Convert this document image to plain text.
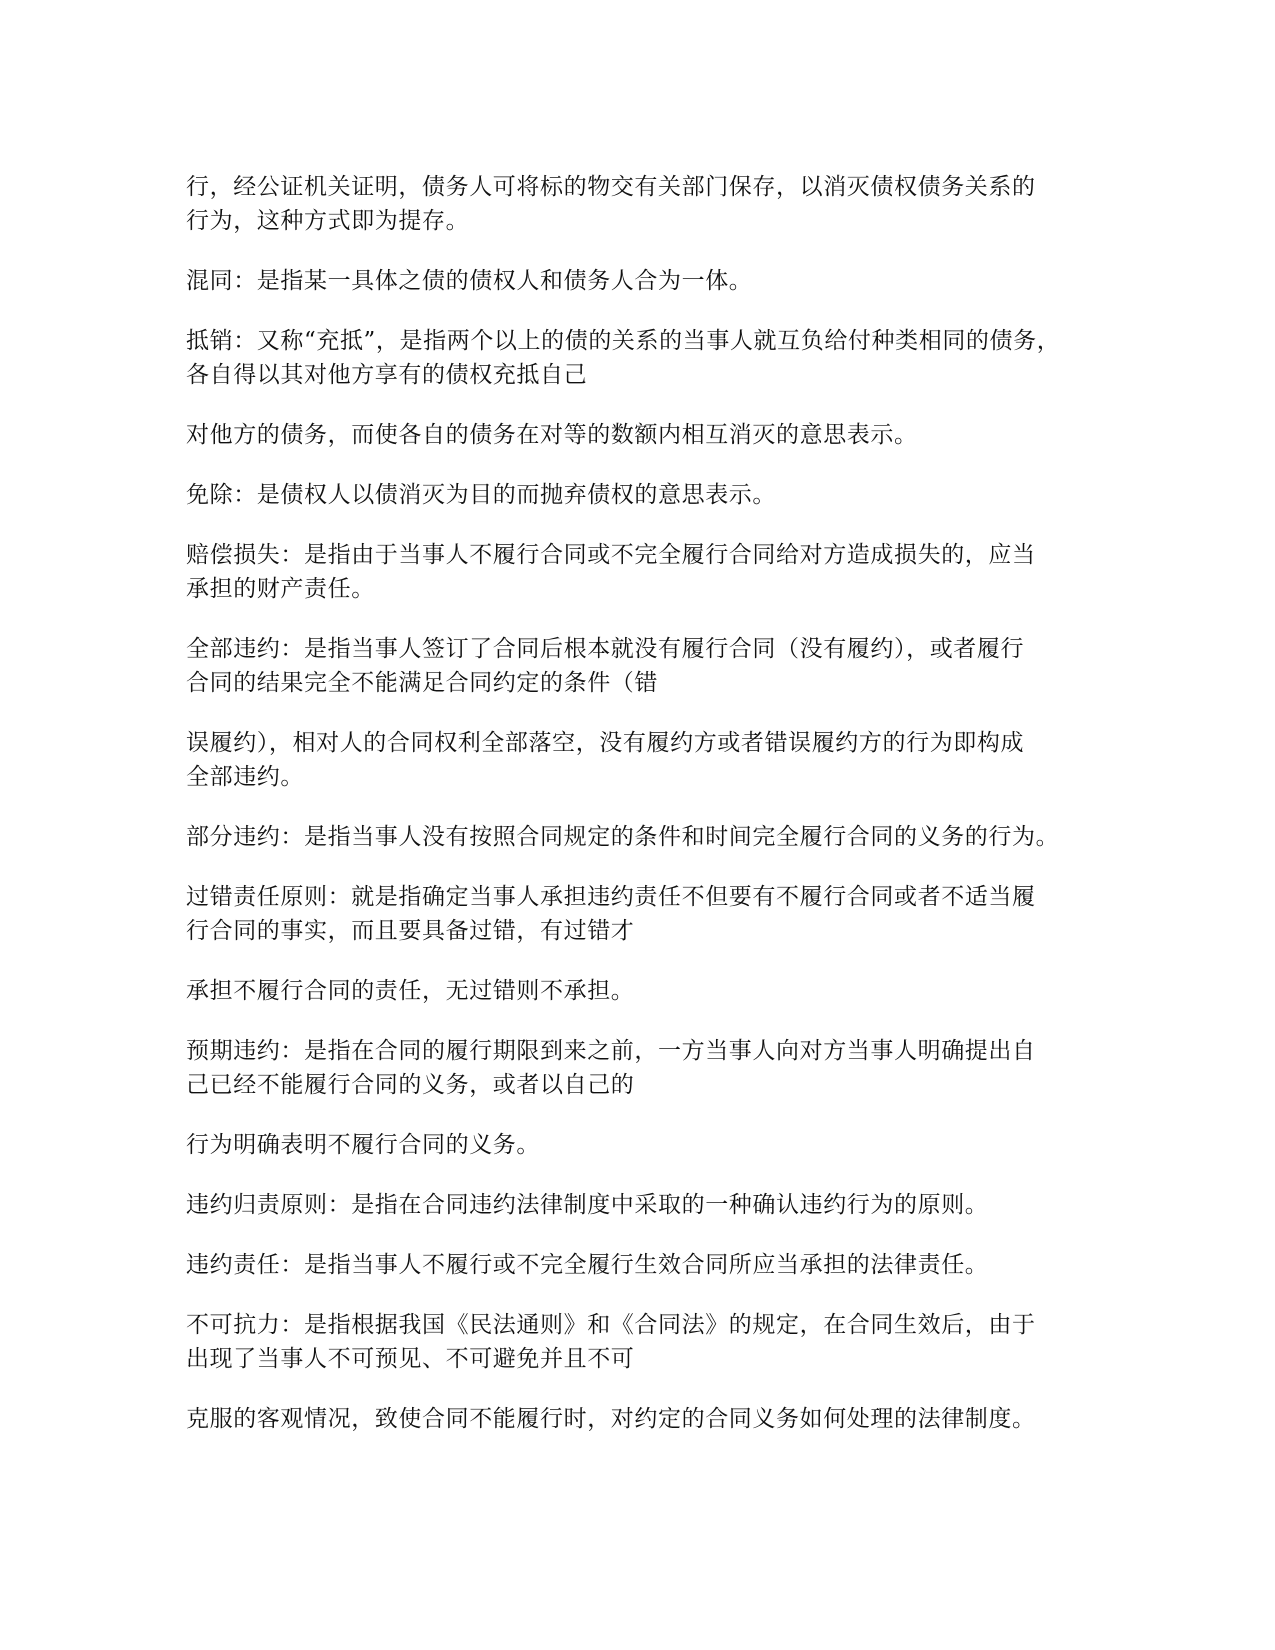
行，经公证机关证明，债务人可将标的物交有关部门保存，以消灭债权债务关系的
行为，这种方式即为提存。

混同：是指某一具体之债的债权人和债务人合为一体。

抵销：又称“充抵”，是指两个以上的债的关系的当事人就互负给付种类相同的债务，
各自得以其对他方享有的债权充抵自己

对他方的债务，而使各自的债务在对等的数额内相互消灭的意思表示。

免除：是债权人以债消灭为目的而抛弃债权的意思表示。

赔偿损失：是指由于当事人不履行合同或不完全履行合同给对方造成损失的，应当
承担的财产责任。

全部违约：是指当事人签订了合同后根本就没有履行合同（没有履约），或者履行
合同的结果完全不能满足合同约定的条件（错

误履约），相对人的合同权利全部落空，没有履约方或者错误履约方的行为即构成
全部违约。

部分违约：是指当事人没有按照合同规定的条件和时间完全履行合同的义务的行为。

过错责任原则：就是指确定当事人承担违约责任不但要有不履行合同或者不适当履
行合同的事实，而且要具备过错，有过错才

承担不履行合同的责任，无过错则不承担。

预期违约：是指在合同的履行期限到来之前，一方当事人向对方当事人明确提出自
己已经不能履行合同的义务，或者以自己的

行为明确表明不履行合同的义务。

违约归责原则：是指在合同违约法律制度中采取的一种确认违约行为的原则。

违约责任：是指当事人不履行或不完全履行生效合同所应当承担的法律责任。

不可抗力：是指根据我国《民法通则》和《合同法》的规定，在合同生效后，由于
出现了当事人不可预见、不可避免并且不可

克服的客观情况，致使合同不能履行时，对约定的合同义务如何处理的法律制度。
